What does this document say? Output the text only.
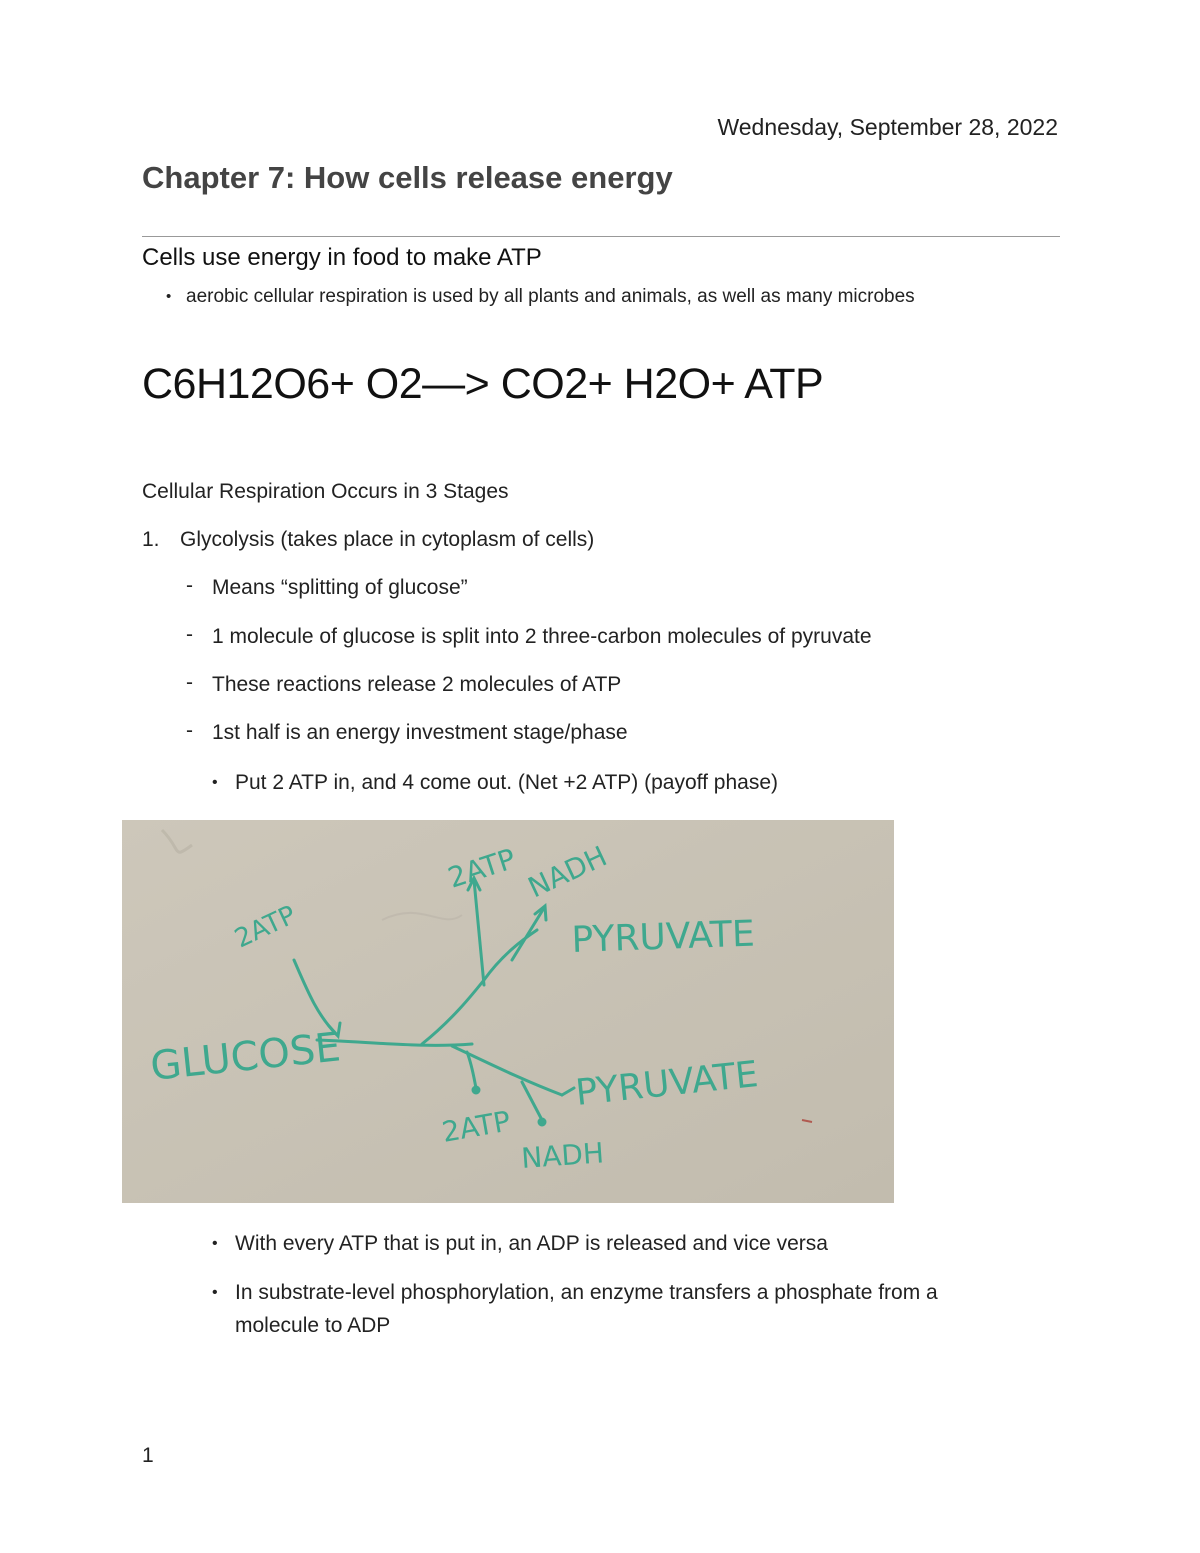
Wednesday, September 28, 2022
Chapter 7: How cells release energy
Cells use energy in food to make ATP
• aerobic cellular respiration is used by all plants and animals, as well as many microbes
C6H12O6+ O2—> CO2+ H2O+ ATP
Cellular Respiration Occurs in 3 Stages
1. Glycolysis (takes place in cytoplasm of cells)
- Means “splitting of glucose”
- 1 molecule of glucose is split into 2 three-carbon molecules of pyruvate
- These reactions release 2 molecules of ATP
- 1st half is an energy investment stage/phase
• Put 2 ATP in, and 4 come out. (Net +2 ATP) (payoff phase)
GLUCOSE
2ATP
2ATP NADH
PYRUVATE
PYRUVATE
2ATP
NADH
• With every ATP that is put in, an ADP is released and vice versa
• In substrate-level phosphorylation, an enzyme transfers a phosphate from a
molecule to ADP
1
